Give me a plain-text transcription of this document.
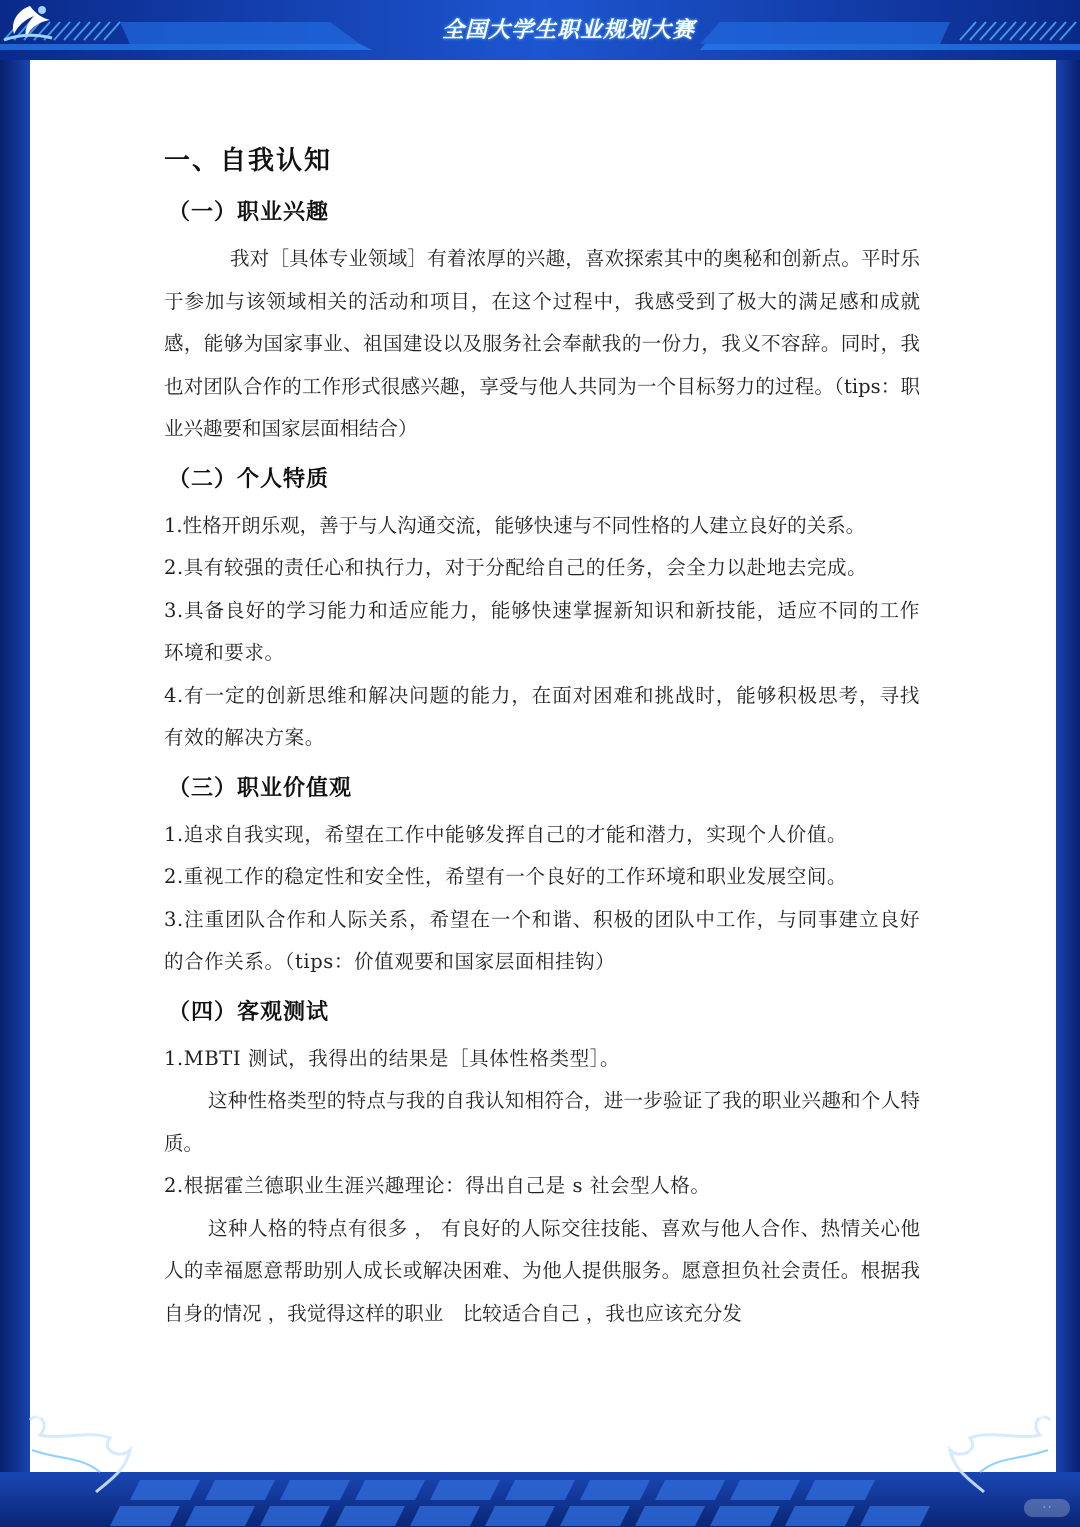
全国大学生职业规划大赛
· ·
一、自我认知
（一）职业兴趣

我对［具体专业领域］有着浓厚的兴趣，喜欢探索其中的奥秘和创新点。平时乐于参加与该领域相关的活动和项目，在这个过程中，我感受到了极大的满足感和成就感，能够为国家事业、祖国建设以及服务社会奉献我的一份力，我义不容辞。同时，我也对团队合作的工作形式很感兴趣，享受与他人共同为一个目标努力的过程。（tips：职业兴趣要和国家层面相结合）

（二）个人特质

1.性格开朗乐观，善于与人沟通交流，能够快速与不同性格的人建立良好的关系。

2.具有较强的责任心和执行力，对于分配给自己的任务，会全力以赴地去完成。

3.具备良好的学习能力和适应能力，能够快速掌握新知识和新技能，适应不同的工作环境和要求。

4.有一定的创新思维和解决问题的能力，在面对困难和挑战时，能够积极思考，寻找有效的解决方案。

（三）职业价值观

1.追求自我实现，希望在工作中能够发挥自己的才能和潜力，实现个人价值。

2.重视工作的稳定性和安全性，希望有一个良好的工作环境和职业发展空间。

3.注重团队合作和人际关系，希望在一个和谐、积极的团队中工作，与同事建立良好的合作关系。（tips：价值观要和国家层面相挂钩）

（四）客观测试

1.MBTI 测试，我得出的结果是［具体性格类型］。

这种性格类型的特点与我的自我认知相符合，进一步验证了我的职业兴趣和个人特质。

2.根据霍兰德职业生涯兴趣理论：得出自己是 s 社会型人格。

这种人格的特点有很多 ， 有良好的人际交往技能、喜欢与他人合作、热情关心他人的幸福愿意帮助别人成长或解决困难、为他人提供服务。愿意担负社会责任。根据我自身的情况 ，我觉得这样的职业　比较适合自己 ，我也应该充分发
